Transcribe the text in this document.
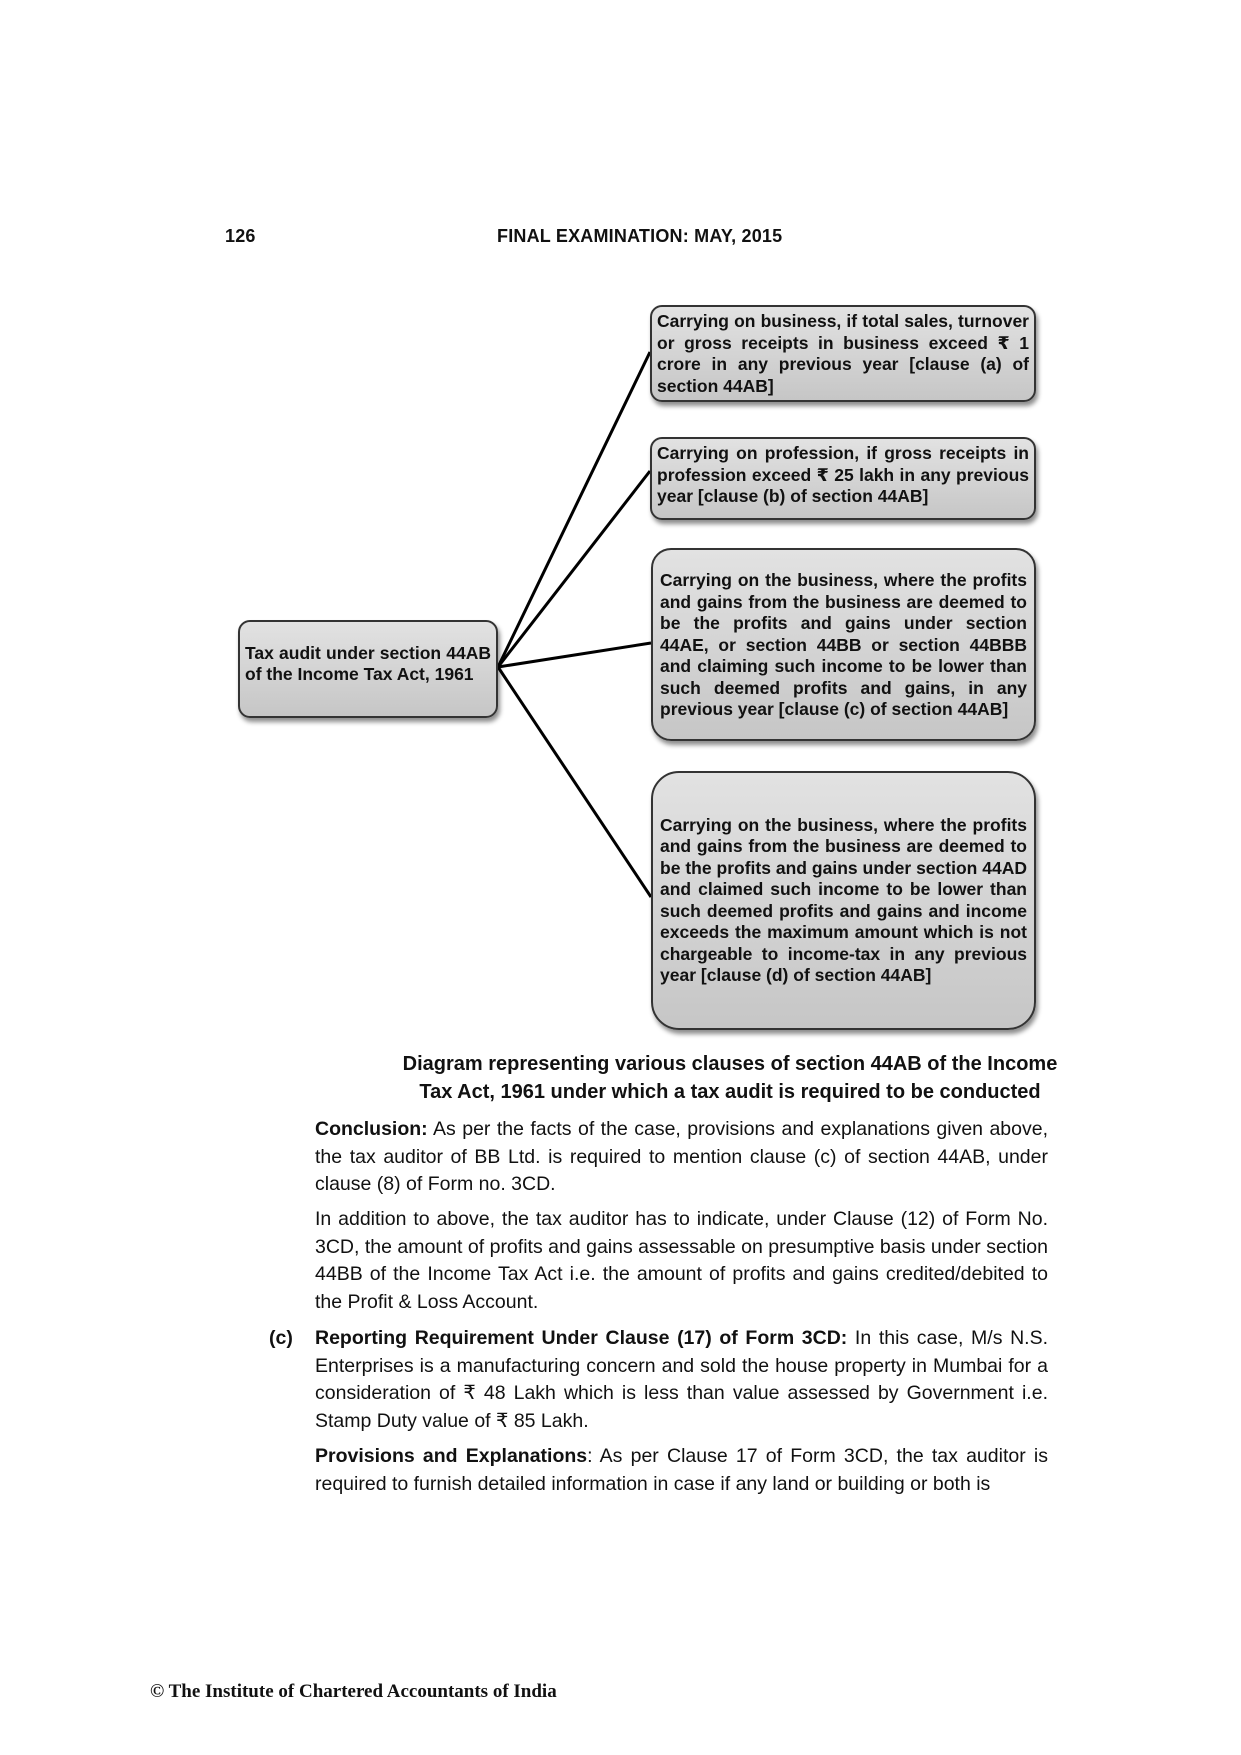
126	FINAL EXAMINATION: MAY, 2015
Tax audit under section 44AB of the Income Tax Act, 1961
Carrying on business, if total sales, turnover or gross receipts in business exceed ₹ 1 crore in any previous year [clause (a) of section 44AB]
Carrying on profession, if gross receipts in profession exceed ₹ 25 lakh in any previous year [clause (b) of section 44AB]
Carrying on the business, where the profits and gains from the business are deemed to be the profits and gains under section 44AE, or section 44BB or section 44BBB and claiming such income to be lower than such deemed profits and gains, in any previous year [clause (c) of section 44AB]
Carrying on the business, where the profits and gains from the business are deemed to be the profits and gains under section 44AD and claimed such income to be lower than such deemed profits and gains and income exceeds the maximum amount which is not chargeable to income-tax in any previous year [clause (d) of section 44AB]
Diagram representing various clauses of section 44AB of the Income
Tax Act, 1961 under which a tax audit is required to be conducted
Conclusion: As per the facts of the case, provisions and explanations given above, the tax auditor of BB Ltd. is required to mention clause (c) of section 44AB, under clause (8) of Form no. 3CD.
In addition to above, the tax auditor has to indicate, under Clause (12) of Form No. 3CD, the amount of profits and gains assessable on presumptive basis under section 44BB of the Income Tax Act i.e. the amount of profits and gains credited/debited to the Profit & Loss Account.
(c) Reporting Requirement Under Clause (17) of Form 3CD: In this case, M/s N.S. Enterprises is a manufacturing concern and sold the house property in Mumbai for a consideration of ₹ 48 Lakh which is less than value assessed by Government i.e. Stamp Duty value of ₹ 85 Lakh.
Provisions and Explanations: As per Clause 17 of Form 3CD, the tax auditor is required to furnish detailed information in case if any land or building or both is
© The Institute of Chartered Accountants of India
